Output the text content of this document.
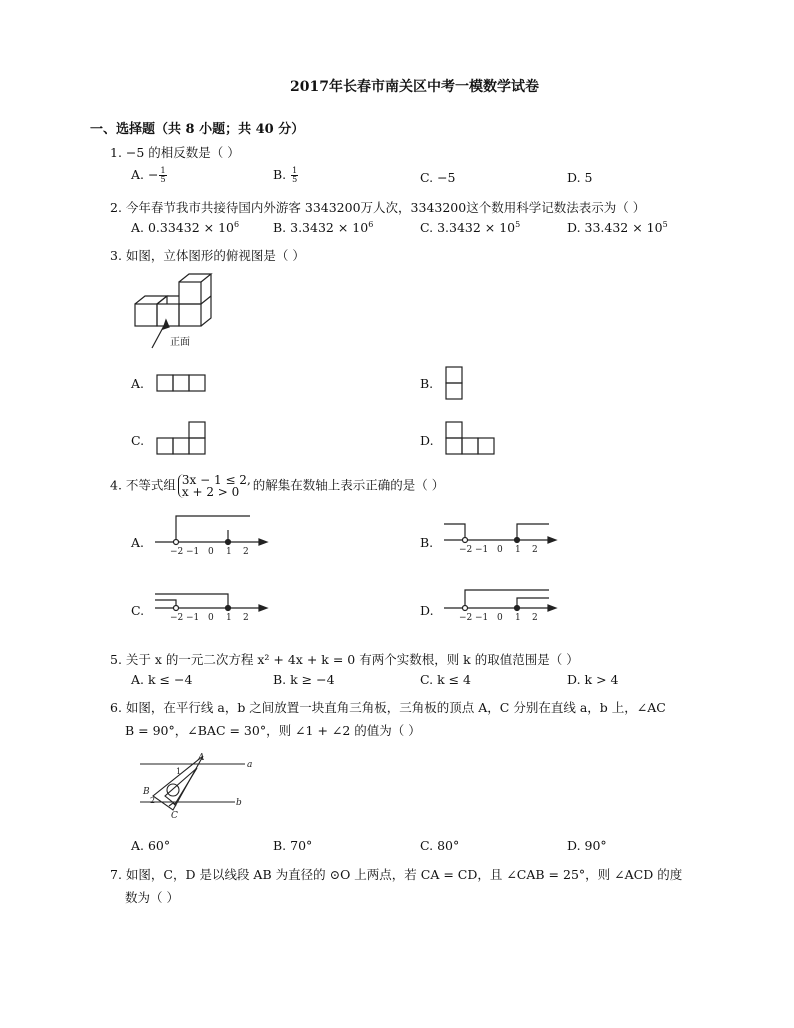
2017年长春市南关区中考一模数学试卷
一、选择题（共 8 小题；共 40 分）
1. −5 的相反数是（ ）
A. − $\frac{1}{5}$	B. $\frac{1}{5}$	C. −5	D. 5
2. 今年春节我市共接待国内外游客 3343200万人次，3343200这个数用科学记数法表示为（ ）
A. $0.33432 \times 10^6$	B. $3.3432 \times 10^6$	C. $3.3432 \times 10^5$	D. $33.432 \times 10^5$
3. 如图，立体图形的俯视图是（ ）
正面
A.	B.
C.	D.
4. 不等式组 3x − 1 ≤ 2,
x + 2 > 0	的解集在数轴上表示正确的是（ ）
A.
−2 −1 0 1 2
B.	−2 −1 0 1 2
C.	−2 −1 0 1 2	D.	−2 −1 0 1 2
5. 关于 x 的一元二次方程 x² + 4x + k = 0 有两个实数根，则 k 的取值范围是（ ）
A. k ≤ −4	B. k ≥ −4	C. k ≤ 4	D. k > 4
6. 如图，在平行线 a，b 之间放置一块直角三角板，三角板的顶点 A，C 分别在直线 a，b 上，∠AC
B = 90°，∠BAC = 30°，则 ∠1 + ∠2 的值为（ ）
A
a
B
b
C
1
2
A. 60°	B. 70°	C. 80°	D. 90°
7. 如图，C，D 是以线段 AB 为直径的 ⊙O 上两点，若 CA = CD，且 ∠CAB = 25°，则 ∠ACD 的度
数为（ ）
